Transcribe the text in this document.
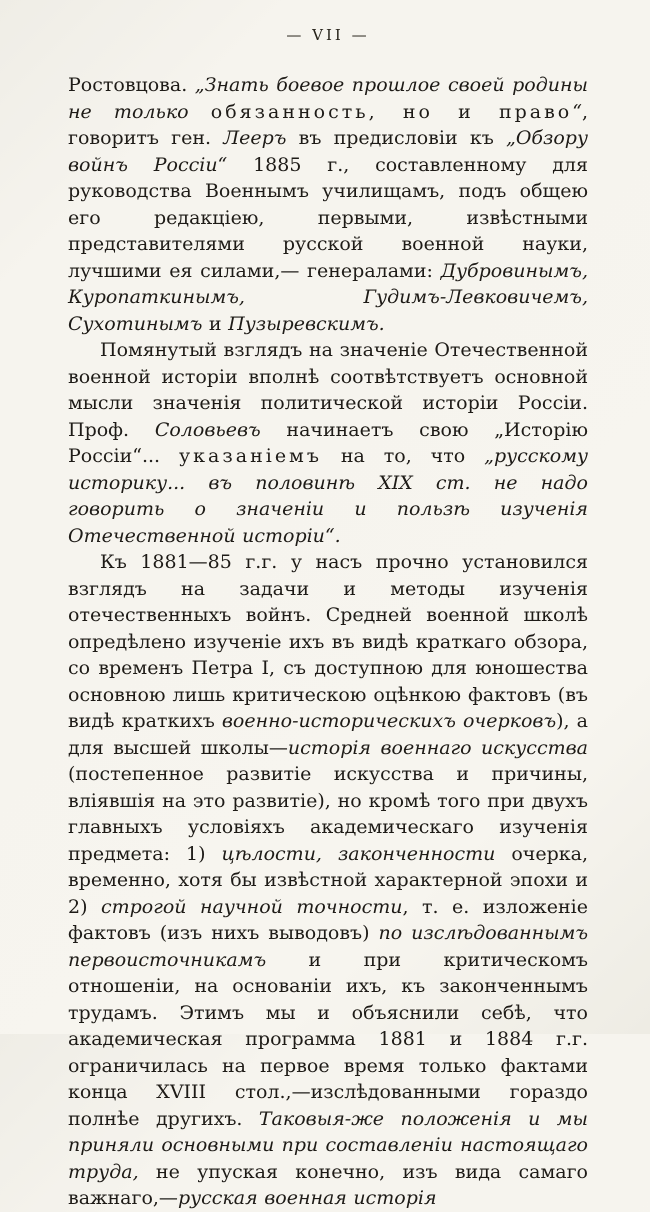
— VII —

Ростовцова. „Знать боевое прошлое своей родины не только обязанность, но и право“, говоритъ ген. Лееръ въ предисловіи къ „Обзору войнъ Россіи“ 1885 г., составленному для руководства Военнымъ училищамъ, подъ общею его редакціею, первыми, извѣстными представителями русской военной науки, лучшими ея силами,— генералами: Дубровинымъ, Куропаткинымъ, Гудимъ-Левковичемъ, Сухотинымъ и Пузыревскимъ.

Помянутый взглядъ на значеніе Отечественной военной исторіи вполнѣ соотвѣтствуетъ основной мысли значенія политической исторіи Россіи. Проф. Соловьевъ начинаетъ свою „Исторію Россіи“... указаніемъ на то, что „русскому историку... въ половинѣ XIX ст. не надо говорить о значеніи и пользѣ изученія Отечественной исторіи“.

Къ 1881—85 г.г. у насъ прочно установился взглядъ на задачи и методы изученія отечественныхъ войнъ. Средней военной школѣ опредѣлено изученіе ихъ въ видѣ краткаго обзора, со временъ Петра I, съ доступною для юношества основною лишь критическою оцѣнкою фактовъ (въ видѣ краткихъ военно-историческихъ очерковъ), а для высшей школы—исторія военнаго искусства (постепенное развитіе искусства и причины, вліявшія на это развитіе), но кромѣ того при двухъ главныхъ условіяхъ академическаго изученія предмета: 1) цѣлости, законченности очерка, временно, хотя бы извѣстной характерной эпохи и 2) строгой научной точности, т. е. изложеніе фактовъ (изъ нихъ выводовъ) по изслѣдованнымъ первоисточникамъ и при критическомъ отношеніи, на основаніи ихъ, къ законченнымъ трудамъ. Этимъ мы и объяснили себѣ, что академическая программа 1881 и 1884 г.г. ограничилась на первое время только фактами конца XVIII стол.,—изслѣдованными гораздо полнѣе другихъ. Таковыя-же положенія и мы приняли основными при составленіи настоящаго труда, не упуская конечно, изъ вида самаго важнаго,—русская военная исторія
